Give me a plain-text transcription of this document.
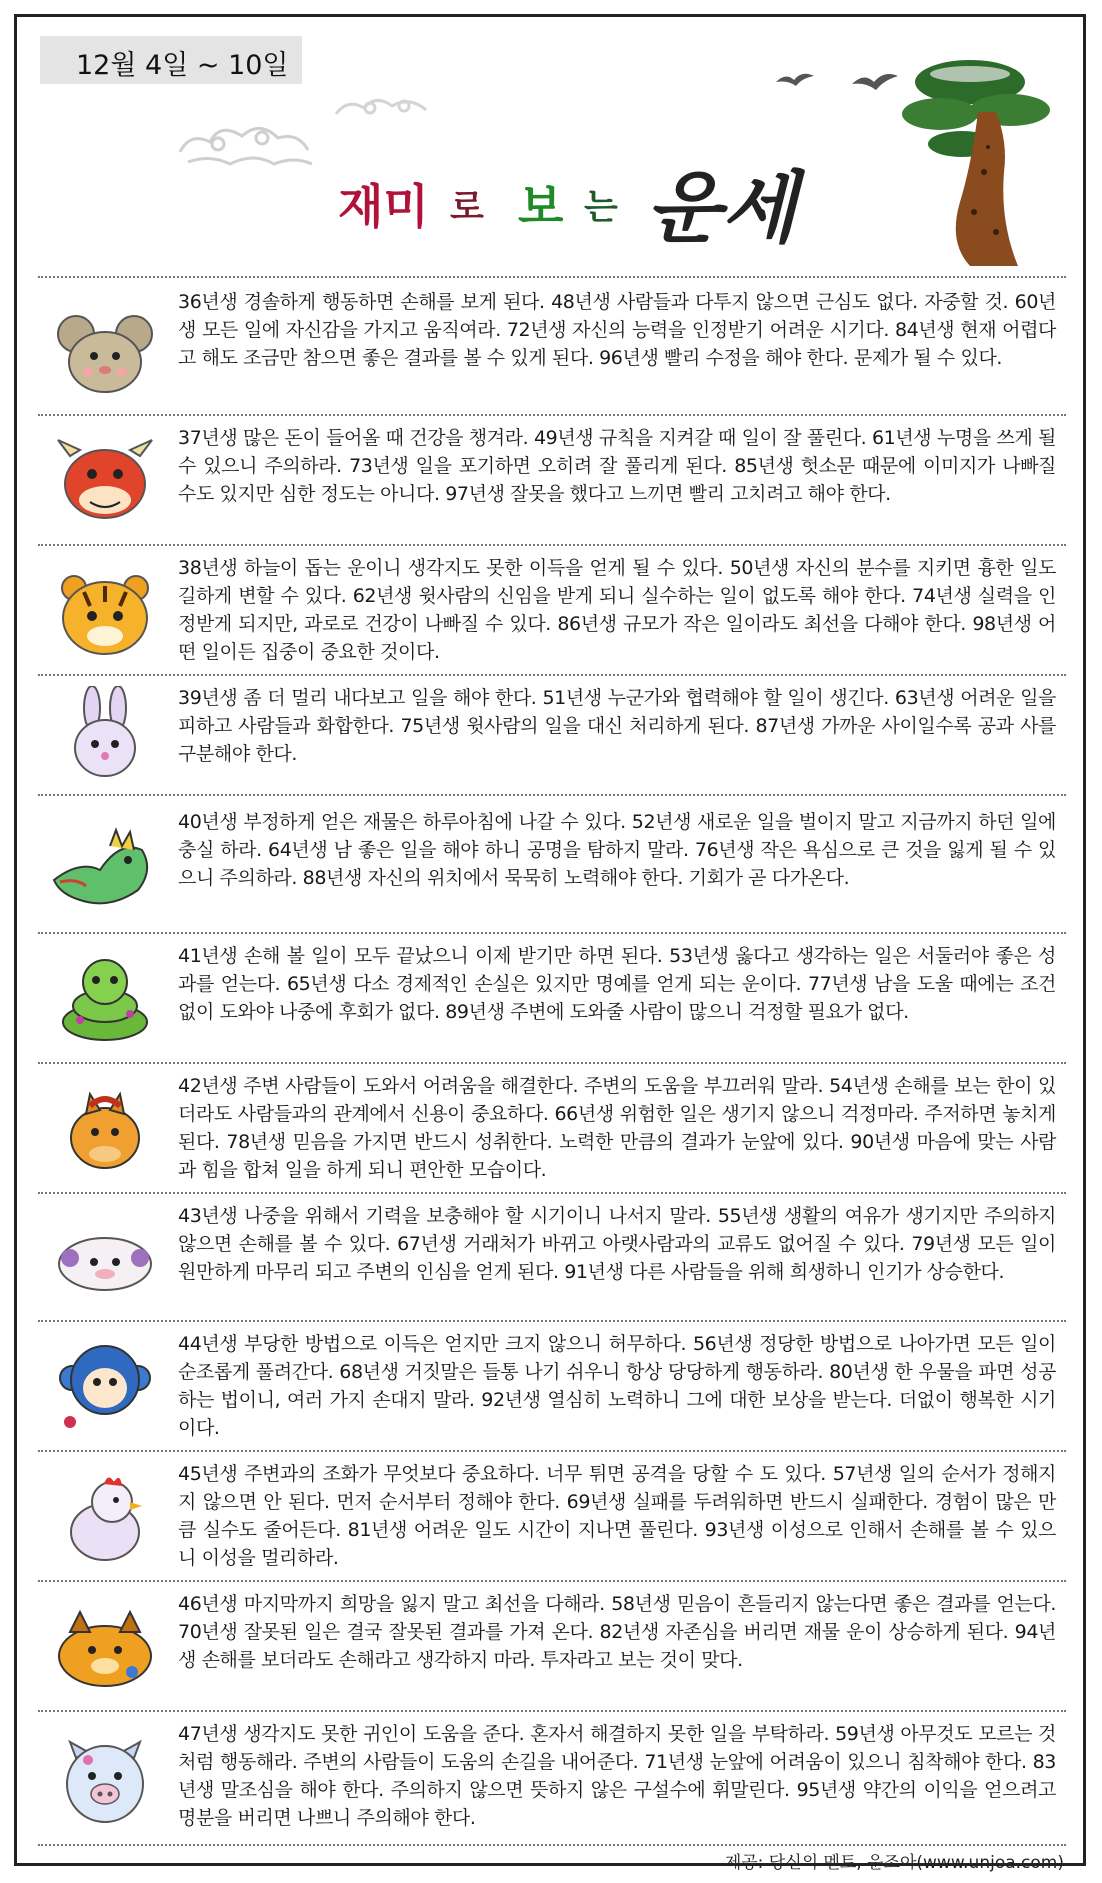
12월 4일 ~ 10일
재미 로 보 는 운세
36년생 경솔하게 행동하면 손해를 보게 된다. 48년생 사람들과 다투지 않으면 근심도 없다. 자중할 것. 60년생 모든 일에 자신감을 가지고 움직여라. 72년생 자신의 능력을 인정받기 어려운 시기다. 84년생 현재 어렵다고 해도 조금만 참으면 좋은 결과를 볼 수 있게 된다. 96년생 빨리 수정을 해야 한다. 문제가 될 수 있다.
37년생 많은 돈이 들어올 때 건강을 챙겨라. 49년생 규칙을 지켜갈 때 일이 잘 풀린다. 61년생 누명을 쓰게 될 수 있으니 주의하라. 73년생 일을 포기하면 오히려 잘 풀리게 된다. 85년생 헛소문 때문에 이미지가 나빠질 수도 있지만 심한 정도는 아니다. 97년생 잘못을 했다고 느끼면 빨리 고치려고 해야 한다.
38년생 하늘이 돕는 운이니 생각지도 못한 이득을 얻게 될 수 있다. 50년생 자신의 분수를 지키면 흉한 일도 길하게 변할 수 있다. 62년생 윗사람의 신임을 받게 되니 실수하는 일이 없도록 해야 한다. 74년생 실력을 인정받게 되지만, 과로로 건강이 나빠질 수 있다. 86년생 규모가 작은 일이라도 최선을 다해야 한다. 98년생 어떤 일이든 집중이 중요한 것이다.
39년생 좀 더 멀리 내다보고 일을 해야 한다. 51년생 누군가와 협력해야 할 일이 생긴다. 63년생 어려운 일을 피하고 사람들과 화합한다. 75년생 윗사람의 일을 대신 처리하게 된다. 87년생 가까운 사이일수록 공과 사를 구분해야 한다.
40년생 부정하게 얻은 재물은 하루아침에 나갈 수 있다. 52년생 새로운 일을 벌이지 말고 지금까지 하던 일에 충실 하라. 64년생 남 좋은 일을 해야 하니 공명을 탐하지 말라. 76년생 작은 욕심으로 큰 것을 잃게 될 수 있으니 주의하라. 88년생 자신의 위치에서 묵묵히 노력해야 한다. 기회가 곧 다가온다.
41년생 손해 볼 일이 모두 끝났으니 이제 받기만 하면 된다. 53년생 옳다고 생각하는 일은 서둘러야 좋은 성과를 얻는다. 65년생 다소 경제적인 손실은 있지만 명예를 얻게 되는 운이다. 77년생 남을 도울 때에는 조건 없이 도와야 나중에 후회가 없다. 89년생 주변에 도와줄 사람이 많으니 걱정할 필요가 없다.
42년생 주변 사람들이 도와서 어려움을 해결한다. 주변의 도움을 부끄러워 말라. 54년생 손해를 보는 한이 있더라도 사람들과의 관계에서 신용이 중요하다. 66년생 위험한 일은 생기지 않으니 걱정마라. 주저하면 놓치게 된다. 78년생 믿음을 가지면 반드시 성취한다. 노력한 만큼의 결과가 눈앞에 있다. 90년생 마음에 맞는 사람과 힘을 합쳐 일을 하게 되니 편안한 모습이다.
43년생 나중을 위해서 기력을 보충해야 할 시기이니 나서지 말라. 55년생 생활의 여유가 생기지만 주의하지 않으면 손해를 볼 수 있다. 67년생 거래처가 바뀌고 아랫사람과의 교류도 없어질 수 있다. 79년생 모든 일이 원만하게 마무리 되고 주변의 인심을 얻게 된다. 91년생 다른 사람들을 위해 희생하니 인기가 상승한다.
44년생 부당한 방법으로 이득은 얻지만 크지 않으니 허무하다. 56년생 정당한 방법으로 나아가면 모든 일이 순조롭게 풀려간다. 68년생 거짓말은 들통 나기 쉬우니 항상 당당하게 행동하라. 80년생 한 우물을 파면 성공하는 법이니, 여러 가지 손대지 말라. 92년생 열심히 노력하니 그에 대한 보상을 받는다. 더없이 행복한 시기이다.
45년생 주변과의 조화가 무엇보다 중요하다. 너무 튀면 공격을 당할 수 도 있다. 57년생 일의 순서가 정해지지 않으면 안 된다. 먼저 순서부터 정해야 한다. 69년생 실패를 두려워하면 반드시 실패한다. 경험이 많은 만큼 실수도 줄어든다. 81년생 어려운 일도 시간이 지나면 풀린다. 93년생 이성으로 인해서 손해를 볼 수 있으니 이성을 멀리하라.
46년생 마지막까지 희망을 잃지 말고 최선을 다해라. 58년생 믿음이 흔들리지 않는다면 좋은 결과를 얻는다. 70년생 잘못된 일은 결국 잘못된 결과를 가져 온다. 82년생 자존심을 버리면 재물 운이 상승하게 된다. 94년생 손해를 보더라도 손해라고 생각하지 마라. 투자라고 보는 것이 맞다.
47년생 생각지도 못한 귀인이 도움을 준다. 혼자서 해결하지 못한 일을 부탁하라. 59년생 아무것도 모르는 것처럼 행동해라. 주변의 사람들이 도움의 손길을 내어준다. 71년생 눈앞에 어려움이 있으니 침착해야 한다. 83년생 말조심을 해야 한다. 주의하지 않으면 뜻하지 않은 구설수에 휘말린다. 95년생 약간의 이익을 얻으려고 명분을 버리면 나쁘니 주의해야 한다.
제공: 당신의 멘토, 운조아(www.unjoa.com)
